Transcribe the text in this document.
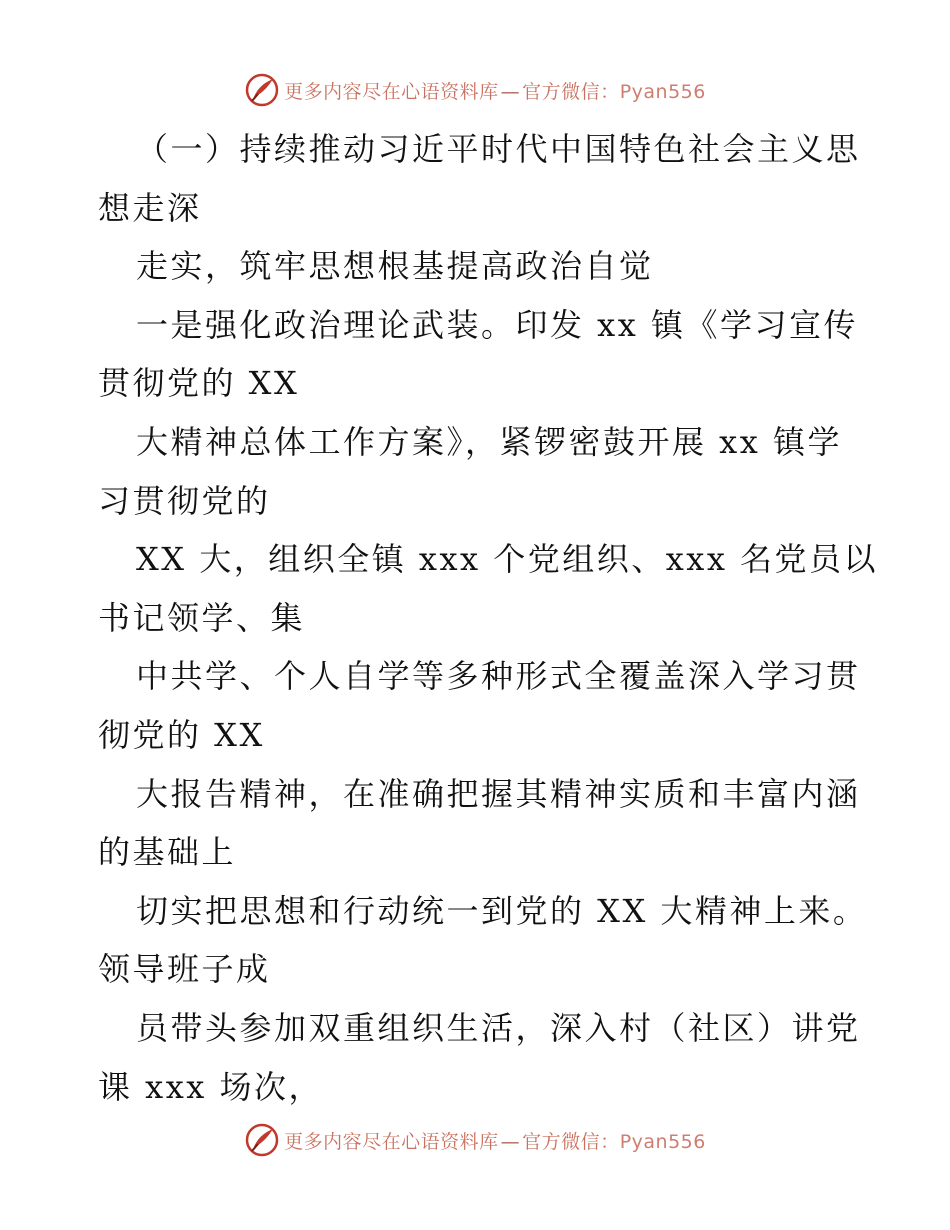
更多内容尽在心语资料库 — 官方微信：Pyan556
（一）持续推动习近平时代中国特色社会主义思
想走深
走实，筑牢思想根基提高政治自觉
一是强化政治理论武装。印发 xx 镇《学习宣传
贯彻党的 XX
大精神总体工作方案》，紧锣密鼓开展 xx 镇学
习贯彻党的
XX 大，组织全镇 xxx 个党组织、xxx 名党员以
书记领学、集
中共学、个人自学等多种形式全覆盖深入学习贯
彻党的 XX
大报告精神，在准确把握其精神实质和丰富内涵
的基础上
切实把思想和行动统一到党的 XX 大精神上来。
领导班子成
员带头参加双重组织生活，深入村（社区）讲党
课 xxx 场次，
更多内容尽在心语资料库 — 官方微信：Pyan556
